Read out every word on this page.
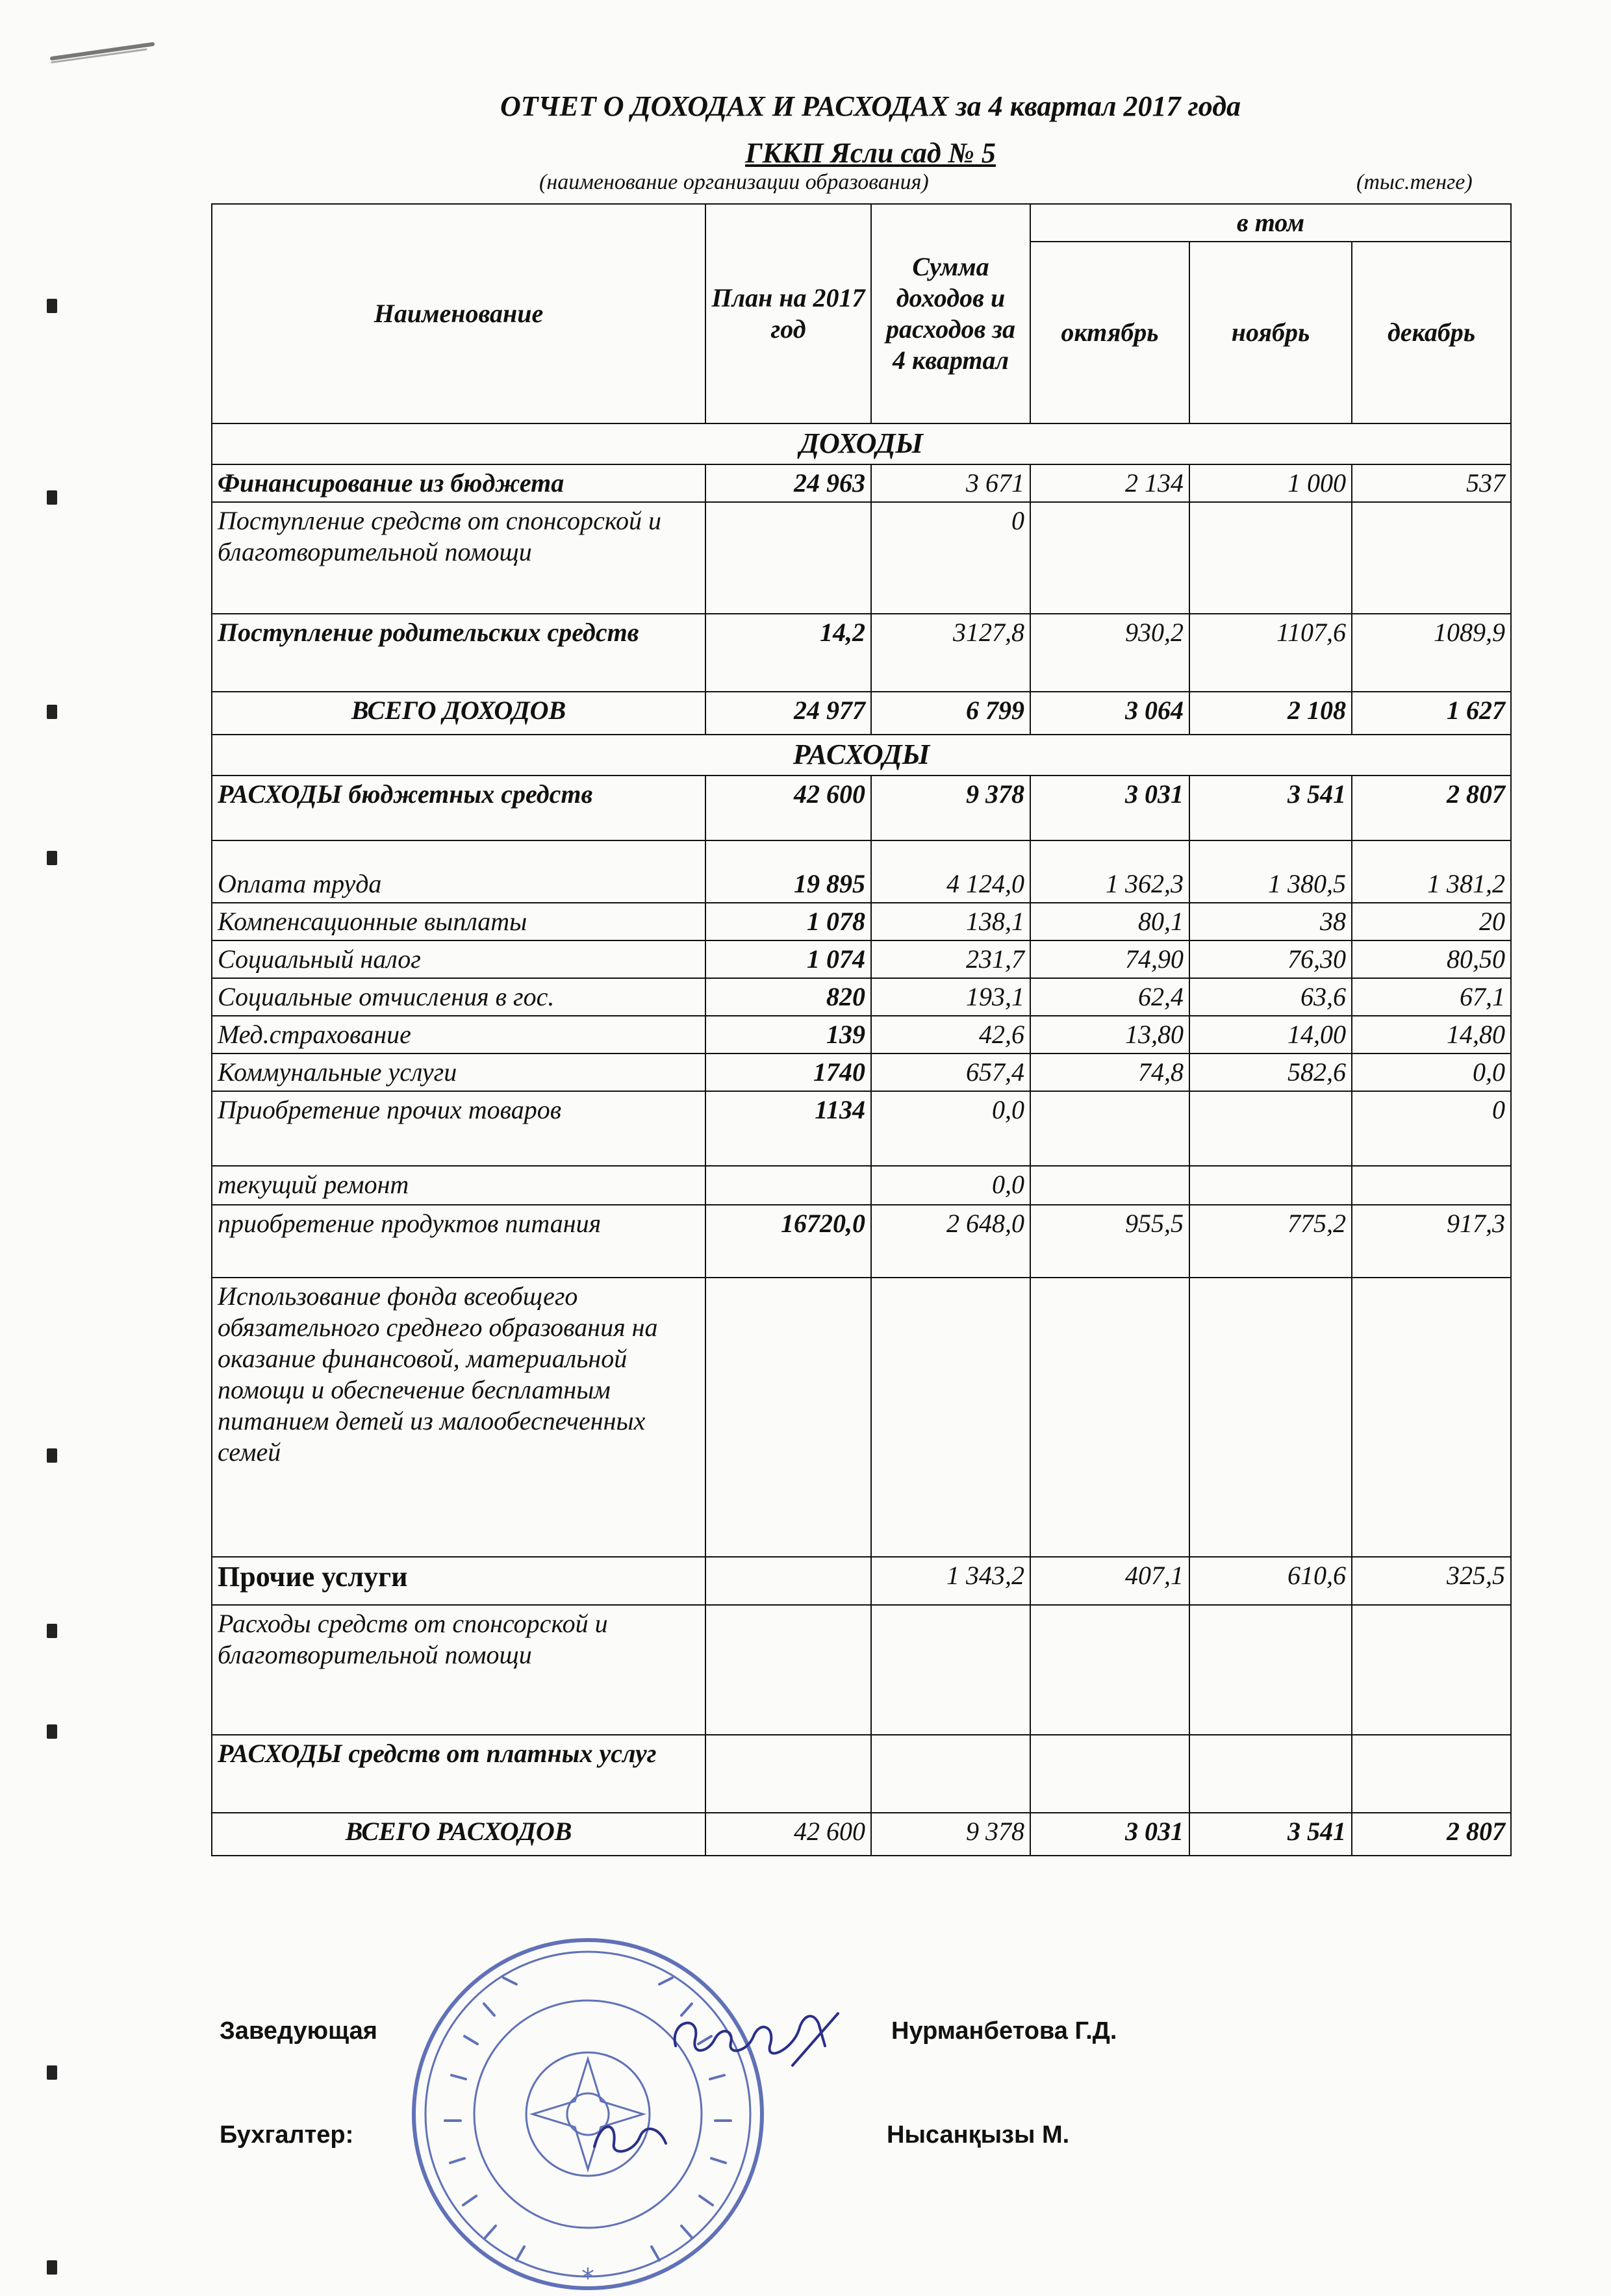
ОТЧЕТ О ДОХОДАХ И РАСХОДАХ за 4 квартал 2017 года
ГККП Ясли сад № 5
(наименование организации образования)	(тыс.тенге)
Наименование	План на 2017 год	Сумма доходов и расходов за 4 квартал	в том		
			октябрь	ноябрь	декабрь
ДОХОДЫ					
Финансирование из бюджета	24 963	3 671	2 134	1 000	537
Поступление средств от спонсорской и благотворительной помощи		0			
Поступление родительских средств	14,2	3127,8	930,2	1107,6	1089,9
ВСЕГО ДОХОДОВ	24 977	6 799	3 064	2 108	1 627
РАСХОДЫ					
РАСХОДЫ бюджетных средств	42 600	9 378	3 031	3 541	2 807
Оплата труда	19 895	4 124,0	1 362,3	1 380,5	1 381,2
Компенсационные выплаты	1 078	138,1	80,1	38	20
Социальный налог	1 074	231,7	74,90	76,30	80,50
Социальные отчисления в гос.	820	193,1	62,4	63,6	67,1
Мед.страхование	139	42,6	13,80	14,00	14,80
Коммунальные услуги	1740	657,4	74,8	582,6	0,0
Приобретение прочих товаров	1134	0,0			0
текущий ремонт		0,0			
приобретение продуктов питания	16720,0	2 648,0	955,5	775,2	917,3
Использование фонда всеобщего обязательного среднего образования на оказание финансовой, материальной помощи и обеспечение бесплатным питанием детей из малообеспеченных семей					
Прочие услуги		1 343,2	407,1	610,6	325,5
Расходы средств от спонсорской и благотворительной помощи					
РАСХОДЫ средств от платных услуг					
ВСЕГО РАСХОДОВ	42 600	9 378	3 031	3 541	2 807
*
Заведующая	Нурманбетова Г.Д.
Бухгалтер:	Нысанқызы М.
